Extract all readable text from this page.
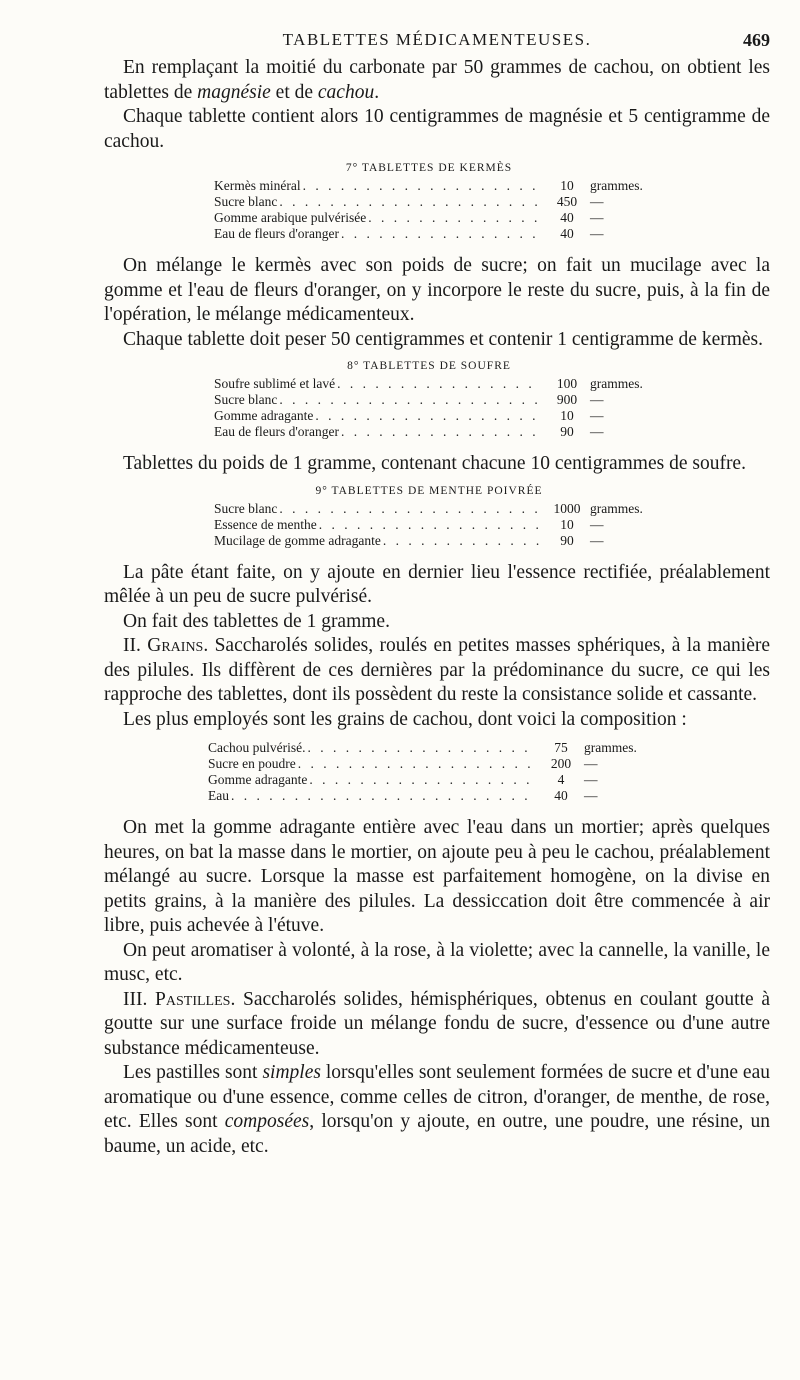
TABLETTES MÉDICAMENTEUSES.	469

En remplaçant la moitié du carbonate par 50 grammes de cachou, on obtient les tablettes de magnésie et de cachou.

Chaque tablette contient alors 10 centigrammes de magnésie et 5 centigramme de cachou.

7° TABLETTES DE KERMÈS
Kermès minéral . . .	10	grammes.
Sucre blanc . . .	450 —
Gomme arabique pulvérisée . . .	40	—
Eau de fleurs d'oranger . . .	40	—

On mélange le kermès avec son poids de sucre; on fait un mucilage avec la gomme et l'eau de fleurs d'oranger, on y incorpore le reste du sucre, puis, à la fin de l'opération, le mélange médicamenteux.

Chaque tablette doit peser 50 centigrammes et contenir 1 centigramme de kermès.

8° TABLETTES DE SOUFRE
Soufre sublimé et lavé . . .	100 grammes.
Sucre blanc . . .	900 —
Gomme adragante . . .	10	—
Eau de fleurs d'oranger . . .	90	—

Tablettes du poids de 1 gramme, contenant chacune 10 centigrammes de soufre.

9° TABLETTES DE MENTHE POIVRÉE
Sucre blanc . . .	1000 grammes.
Essence de menthe . . .	10	—
Mucilage de gomme adragante . . .	90	—

La pâte étant faite, on y ajoute en dernier lieu l'essence rectifiée, préalablement mêlée à un peu de sucre pulvérisé.

On fait des tablettes de 1 gramme.

II. Grains. Saccharolés solides, roulés en petites masses sphériques, à la manière des pilules. Ils diffèrent de ces dernières par la prédominance du sucre, ce qui les rapproche des tablettes, dont ils possèdent du reste la consistance solide et cassante.

Les plus employés sont les grains de cachou, dont voici la composition :

Cachou pulvérisé. . . .	75	grammes.
Sucre en poudre . . .	200 —
Gomme adragante . . .	4	—
Eau . . .	40	—

On met la gomme adragante entière avec l'eau dans un mortier; après quelques heures, on bat la masse dans le mortier, on ajoute peu à peu le cachou, préalablement mélangé au sucre. Lorsque la masse est parfaitement homogène, on la divise en petits grains, à la manière des pilules. La dessiccation doit être commencée à air libre, puis achevée à l'étuve.

On peut aromatiser à volonté, à la rose, à la violette; avec la cannelle, la vanille, le musc, etc.

III. Pastilles. Saccharolés solides, hémisphériques, obtenus en coulant goutte à goutte sur une surface froide un mélange fondu de sucre, d'essence ou d'une autre substance médicamenteuse.

Les pastilles sont simples lorsqu'elles sont seulement formées de sucre et d'une eau aromatique ou d'une essence, comme celles de citron, d'oranger, de menthe, de rose, etc. Elles sont composées, lorsqu'on y ajoute, en outre, une poudre, une résine, un baume, un acide, etc.
